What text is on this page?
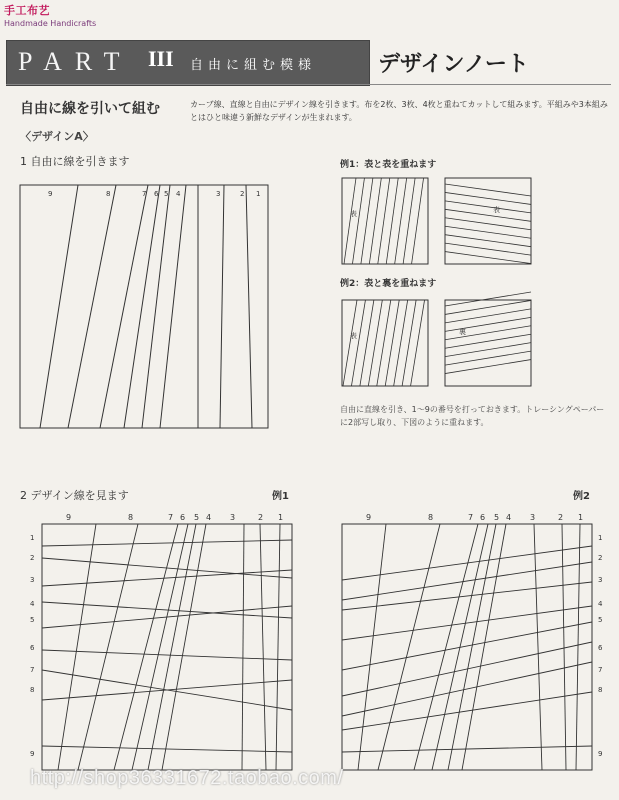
手工布艺
Handmade Handicrafts
PART III 自由に組む模様	デザインノート
自由に線を引いて組む	カーブ線、直線と自由にデザイン線を引きます。布を2枚、3枚、4枚と重ねてカットして組みます。平組みや3本組みとはひと味違う新鮮なデザインが生まれます。
〈デザインA〉
1 自由に線を引きます
9	8	7 6 5 4	3	2 1
例1：表と表を重ねます
表	表
例2：表と裏を重ねます
表	裏
自由に直線を引き、1〜9の番号を打っておきます。トレーシングペーパーに2部写し取り、下図のように重ねます。
2 デザイン線を見ます	例1	例2
9	8	7 6 5 4 3	2 1
1
2
3
4
5
6
7
8
9
9	8	7 6 5 4 3	2 1
1
2
3
4
5
6
7
8
9
http://shop36331672.taobao.com/
